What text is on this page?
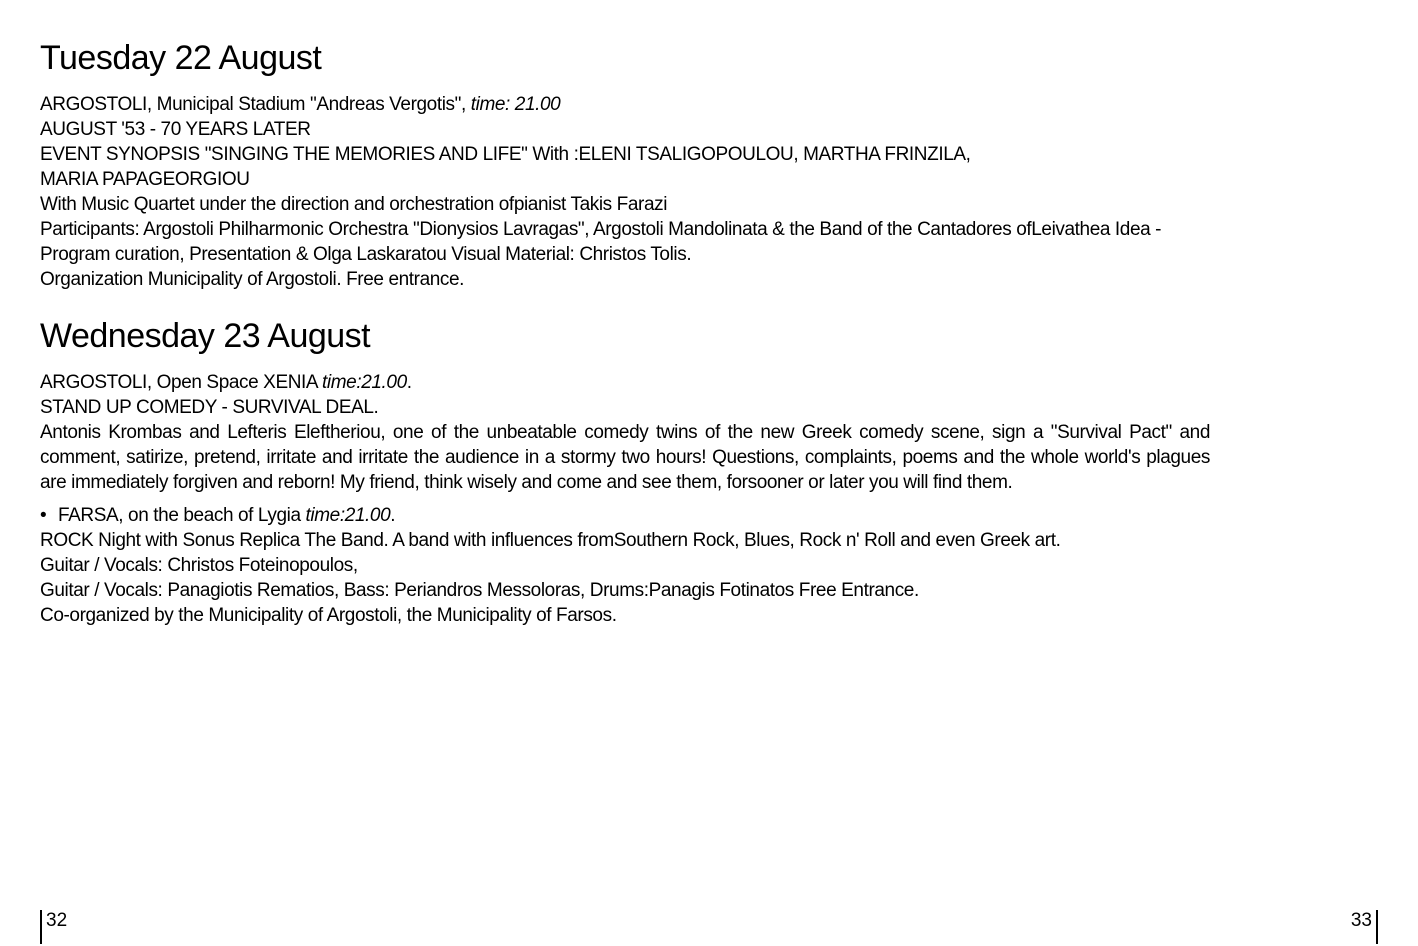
Tuesday 22 August

ARGOSTOLI, Municipal Stadium "Andreas Vergotis", time: 21.00

AUGUST '53 - 70 YEARS LATER

EVENT SYNOPSIS "SINGING THE MEMORIES AND LIFE" With :ELENI TSALIGOPOULOU, MARTHA FRINZILA,

MARIA PAPAGEORGIOU

With Music Quartet under the direction and orchestration ofpianist Takis Farazi

Participants: Argostoli Philharmonic Orchestra "Dionysios Lavragas", Argostoli Mandolinata & the Band of the Cantadores ofLeivathea Idea -

Program curation, Presentation & Olga Laskaratou Visual Material: Christos Tolis.

Organization Municipality of Argostoli. Free entrance.

Wednesday 23 August

ARGOSTOLI, Open Space XENIA time:21.00.

STAND UP COMEDY - SURVIVAL DEAL.

Antonis Krombas and Lefteris Eleftheriou, one of the unbeatable comedy twins of the new Greek comedy scene, sign a "Survival Pact" and comment, satirize, pretend, irritate and irritate the audience in a stormy two hours! Questions, complaints, poems and the whole world's plagues are immediately forgiven and reborn! My friend, think wisely and come and see them, forsooner or later you will find them.

• FARSA, on the beach of Lygia time:21.00.

ROCK Night with Sonus Replica The Band. A band with influences fromSouthern Rock, Blues, Rock n' Roll and even Greek art.

Guitar / Vocals: Christos Foteinopoulos,

Guitar / Vocals: Panagiotis Rematios, Bass: Periandros Messoloras, Drums:Panagis Fotinatos Free Entrance.

Co-organized by the Municipality of Argostoli, the Municipality of Farsos.

32	33
